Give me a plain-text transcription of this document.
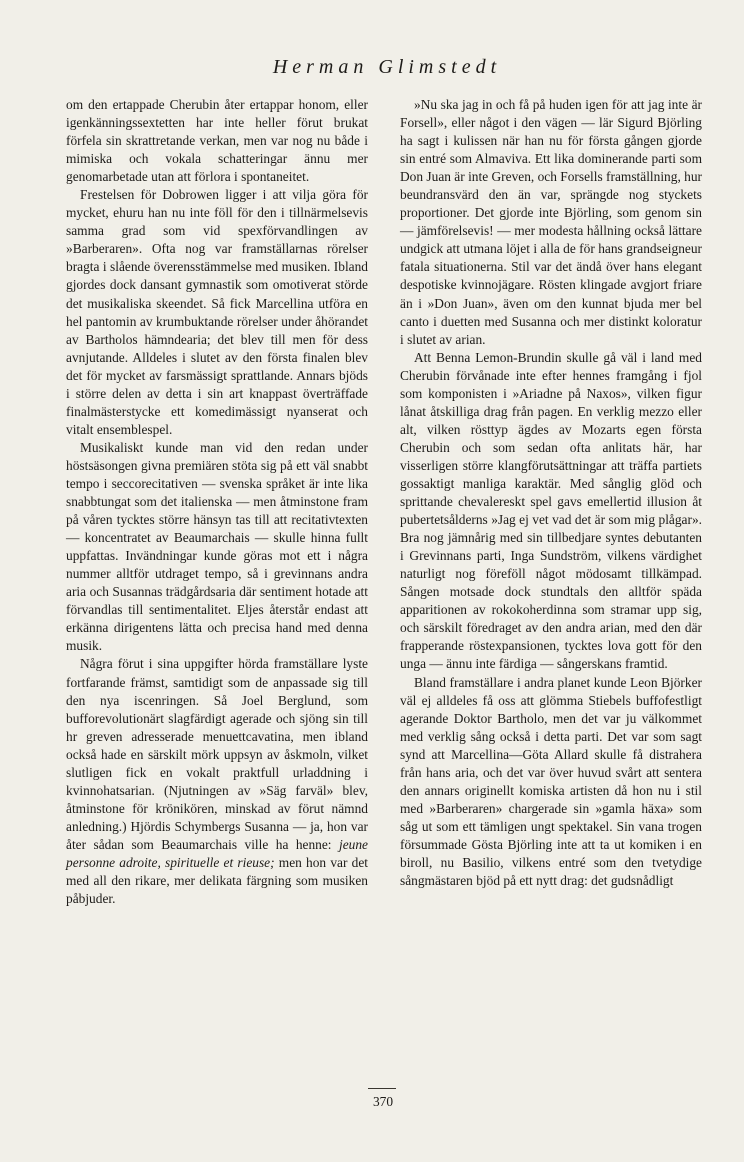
Herman Glimstedt

om den ertappade Cherubin åter ertappar honom, eller igenkänningssextetten har inte heller förut brukat förfela sin skrattretande verkan, men var nog nu både i mimiska och vokala schatteringar ännu mer genomarbetade utan att förlora i spontaneitet.

Frestelsen för Dobrowen ligger i att vilja göra för mycket, ehuru han nu inte föll för den i tillnärmelsevis samma grad som vid spexförvandlingen av »Barberaren». Ofta nog var framställarnas rörelser bragta i slående överensstämmelse med musiken. Ibland gjordes dock dansant gymnastik som omotiverat störde det musikaliska skeendet. Så fick Marcellina utföra en hel pantomin av krumbuktande rörelser under åhörandet av Bartholos hämndearia; det blev till men för dess avnjutande. Alldeles i slutet av den första finalen blev det för mycket av farsmässigt sprattlande. Annars bjöds i större delen av detta i sin art knappast överträffade finalmästerstycke ett komedimässigt nyanserat och vitalt ensemblespel.

Musikaliskt kunde man vid den redan under höstsäsongen givna premiären stöta sig på ett väl snabbt tempo i seccorecitativen — svenska språket är inte lika snabbtungat som det italienska — men åtminstone fram på våren tycktes större hänsyn tas till att recitativtexten — koncentratet av Beaumarchais — skulle hinna fullt uppfattas. Invändningar kunde göras mot ett i några nummer alltför utdraget tempo, så i grevinnans andra aria och Susannas trädgårdsaria där sentiment hotade att förvandlas till sentimentalitet. Eljes återstår endast att erkänna dirigentens lätta och precisa hand med denna musik.

Några förut i sina uppgifter hörda framställare lyste fortfarande främst, samtidigt som de anpassade sig till den nya iscenringen. Så Joel Berglund, som bufforevolutionärt slagfärdigt agerade och sjöng sin till hr greven adresserade menuettcavatina, men ibland också hade en särskilt mörk uppsyn av åskmoln, vilket slutligen fick en vokalt praktfull urladdning i kvinnohatsarian. (Njutningen av »Säg farväl» blev, åtminstone för krönikören, minskad av förut nämnd anledning.) Hjördis Schymbergs Susanna — ja, hon var åter sådan som Beaumarchais ville ha henne: jeune personne adroite, spirituelle et rieuse; men hon var det med all den rikare, mer delikata färgning som musiken påbjuder.

»Nu ska jag in och få på huden igen för att jag inte är Forsell», eller något i den vägen — lär Sigurd Björling ha sagt i kulissen när han nu för första gången gjorde sin entré som Almaviva. Ett lika dominerande parti som Don Juan är inte Greven, och Forsells framställning, hur beundransvärd den än var, sprängde nog styckets proportioner. Det gjorde inte Björling, som genom sin — jämförelsevis! — mer modesta hållning också lättare undgick att utmana löjet i alla de för hans grandseigneur fatala situationerna. Stil var det ändå över hans elegant despotiske kvinnojägare. Rösten klingade avgjort friare än i »Don Juan», även om den kunnat bjuda mer bel canto i duetten med Susanna och mer distinkt koloratur i slutet av arian.

Att Benna Lemon-Brundin skulle gå väl i land med Cherubin förvånade inte efter hennes framgång i fjol som komponisten i »Ariadne på Naxos», vilken figur lånat åtskilliga drag från pagen. En verklig mezzo eller alt, vilken rösttyp ägdes av Mozarts egen första Cherubin och som sedan ofta anlitats här, har visserligen större klangförutsättningar att träffa partiets gossaktigt manliga karaktär. Med sånglig glöd och sprittande chevalereskt spel gavs emellertid illusion åt pubertetsålderns »Jag ej vet vad det är som mig plågar». Bra nog jämnårig med sin tillbedjare syntes debutanten i Grevinnans parti, Inga Sundström, vilkens värdighet naturligt nog föreföll något mödosamt tillkämpad. Sången motsade dock stundtals den alltför späda apparitionen av rokokoherdinna som stramar upp sig, och särskilt föredraget av den andra arian, med den där frapperande röstexpansionen, tycktes lova gott för den unga — ännu inte färdiga — sångerskans framtid.

Bland framställare i andra planet kunde Leon Björker väl ej alldeles få oss att glömma Stiebels buffofestligt agerande Doktor Bartholo, men det var ju välkommet med verklig sång också i detta parti. Det var som sagt synd att Marcellina—Göta Allard skulle få distrahera från hans aria, och det var över huvud svårt att sentera den annars originellt komiska artisten då hon nu i stil med »Barberaren» chargerade sin »gamla häxa» som såg ut som ett tämligen ungt spektakel. Sin vana trogen försummade Gösta Björling inte att ta ut komiken i en biroll, nu Basilio, vilkens entré som den tvetydige sångmästaren bjöd på ett nytt drag: det gudsnådligt

370
